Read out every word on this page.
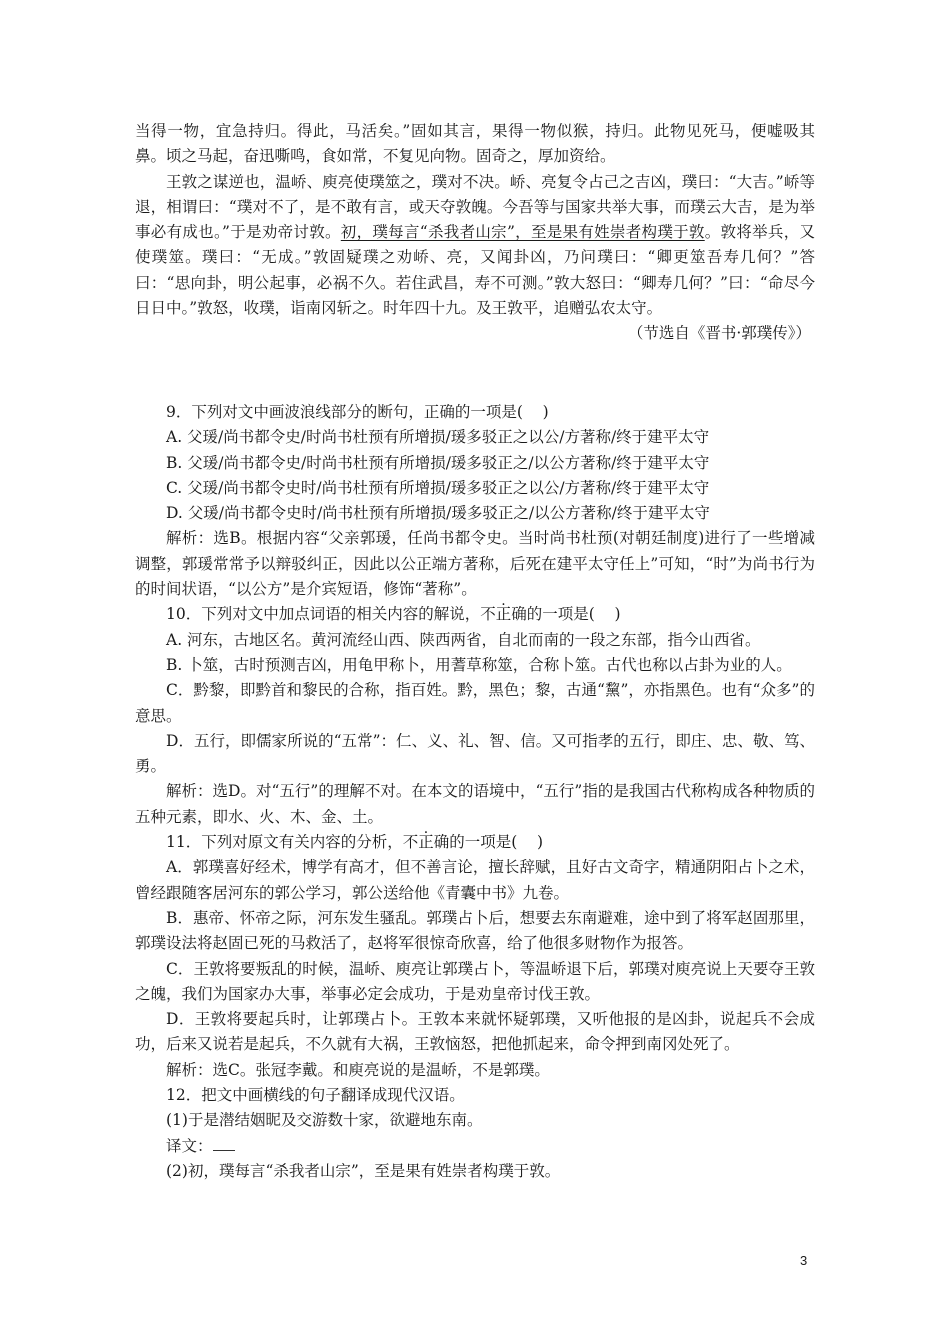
当得一物，宜急持归。得此，马活矣。”固如其言，果得一物似猴，持归。此物见死马，便嘘吸其鼻。顷之马起，奋迅嘶鸣，食如常，不复见向物。固奇之，厚加资给。

王敦之谋逆也，温峤、庾亮使璞筮之，璞对不决。峤、亮复令占己之吉凶，璞曰：“大吉。”峤等退，相谓曰：“璞对不了，是不敢有言，或天夺敦魄。今吾等与国家共举大事，而璞云大吉，是为举事必有成也。”于是劝帝讨敦。初，璞每言“杀我者山宗”，至是果有姓崇者构璞于敦。敦将举兵，又使璞筮。璞曰：“无成。”敦固疑璞之劝峤、亮，又闻卦凶，乃问璞曰：“卿更筮吾寿几何？”答曰：“思向卦，明公起事，必祸不久。若住武昌，寿不可测。”敦大怒曰：“卿寿几何？”曰：“命尽今日日中。”敦怒，收璞，诣南冈斩之。时年四十九。及王敦平，追赠弘农太守。

（节选自《晋书·郭璞传》）

9．下列对文中画波浪线部分的断句，正确的一项是( )

A. 父瑗/尚书都令史/时尚书杜预有所增损/瑗多驳正之以公/方著称/终于建平太守

B. 父瑗/尚书都令史/时尚书杜预有所增损/瑗多驳正之/以公方著称/终于建平太守

C. 父瑗/尚书都令史时/尚书杜预有所增损/瑗多驳正之以公/方著称/终于建平太守

D. 父瑗/尚书都令史时/尚书杜预有所增损/瑗多驳正之/以公方著称/终于建平太守

解析：选B。根据内容“父亲郭瑗，任尚书都令史。当时尚书杜预(对朝廷制度)进行了一些增减调整，郭瑗常常予以辩驳纠正，因此以公正端方著称，后死在建平太守任上”可知，“时”为尚书行为的时间状语，“以公方”是介宾短语，修饰“著称”。

10．下列对文中加点词语的相关内容的解说，不正确的一项是( )

A. 河东，古地区名。黄河流经山西、陕西两省，自北而南的一段之东部，指今山西省。

B. 卜筮，古时预测吉凶，用龟甲称卜，用蓍草称筮，合称卜筮。古代也称以占卦为业的人。

C．黔黎，即黔首和黎民的合称，指百姓。黔，黑色；黎，古通“黧”，亦指黑色。也有“众多”的意思。

D．五行，即儒家所说的“五常”：仁、义、礼、智、信。又可指孝的五行，即庄、忠、敬、笃、勇。

解析：选D。对“五行”的理解不对。在本文的语境中，“五行”指的是我国古代称构成各种物质的五种元素，即水、火、木、金、土。

11．下列对原文有关内容的分析，不正确的一项是( )

A．郭璞喜好经术，博学有高才，但不善言论，擅长辞赋，且好古文奇字，精通阴阳占卜之术，曾经跟随客居河东的郭公学习，郭公送给他《青囊中书》九卷。

B．惠帝、怀帝之际，河东发生骚乱。郭璞占卜后，想要去东南避难，途中到了将军赵固那里，郭璞设法将赵固已死的马救活了，赵将军很惊奇欣喜，给了他很多财物作为报答。

C．王敦将要叛乱的时候，温峤、庾亮让郭璞占卜，等温峤退下后，郭璞对庾亮说上天要夺王敦之魄，我们为国家办大事，举事必定会成功，于是劝皇帝讨伐王敦。

D．王敦将要起兵时，让郭璞占卜。王敦本来就怀疑郭璞，又听他报的是凶卦，说起兵不会成功，后来又说若是起兵，不久就有大祸，王敦恼怒，把他抓起来，命令押到南冈处死了。

解析：选C。张冠李戴。和庾亮说的是温峤，不是郭璞。

12．把文中画横线的句子翻译成现代汉语。

(1)于是潜结姻昵及交游数十家，欲避地东南。

译文：

(2)初，璞每言“杀我者山宗”，至是果有姓崇者构璞于敦。

3
